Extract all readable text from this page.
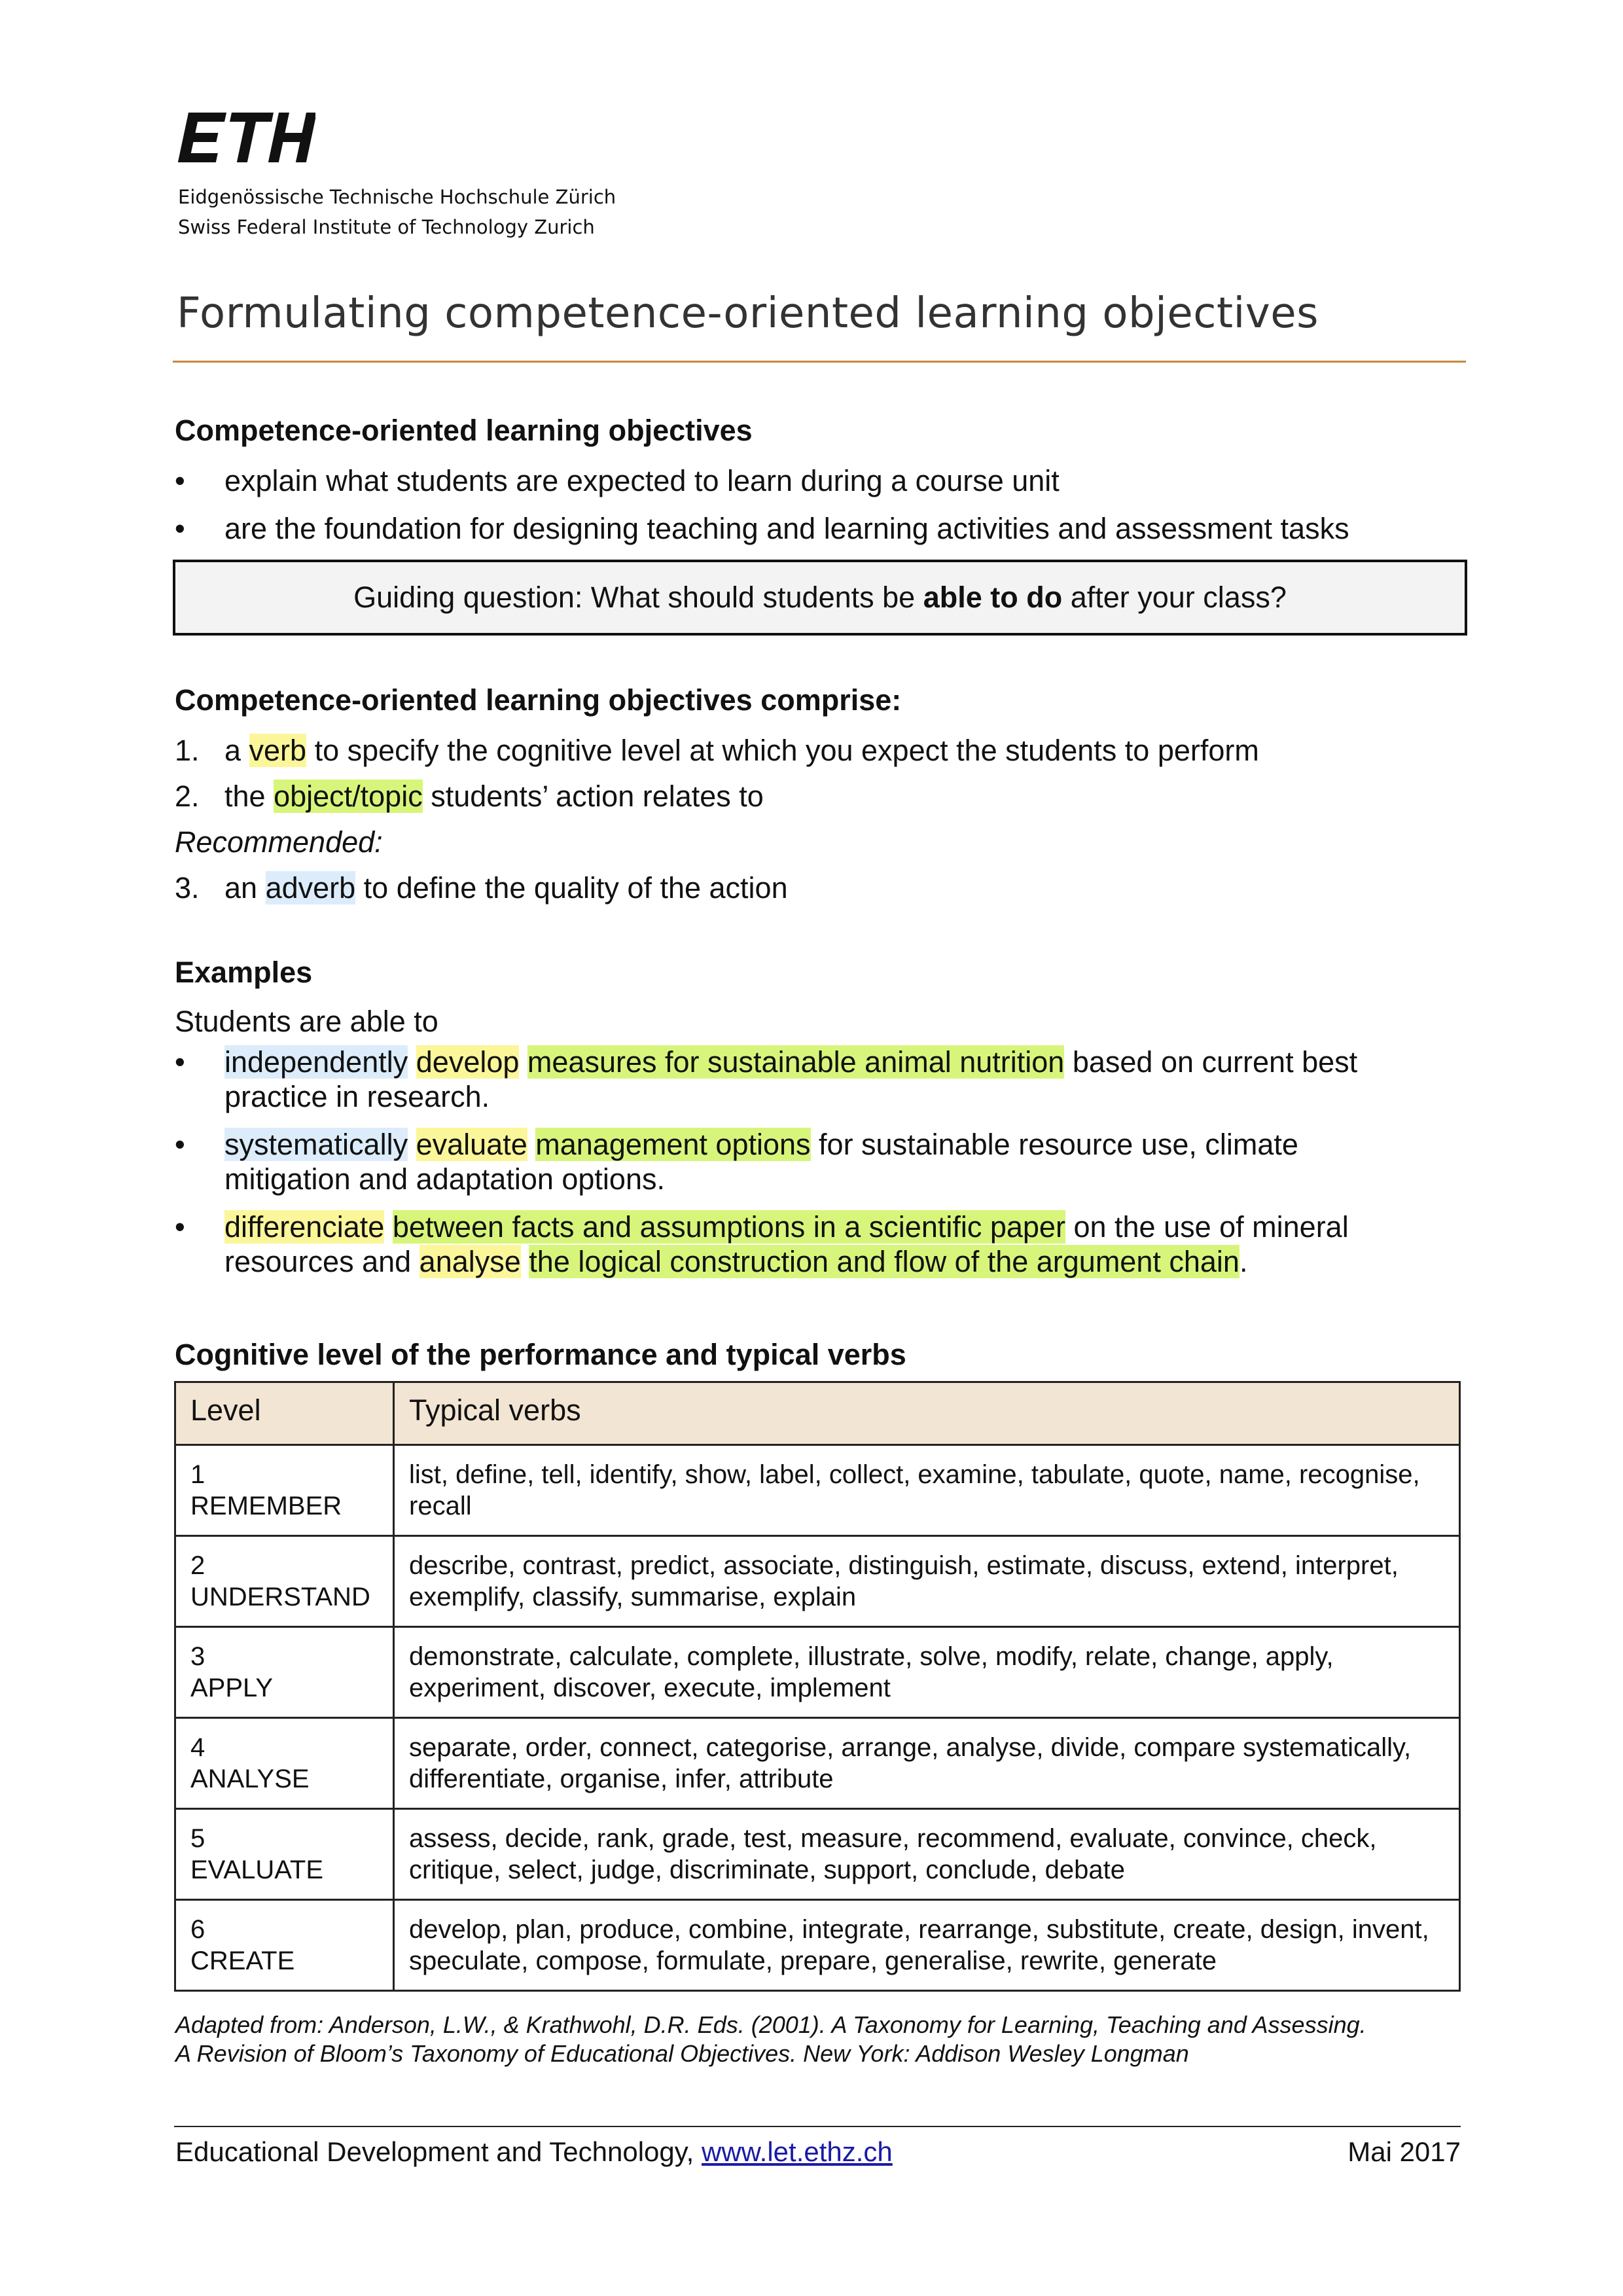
Eidgenössische Technische Hochschule Zürich
Swiss Federal Institute of Technology Zurich
Formulating competence-oriented learning objectives
Competence-oriented learning objectives
• explain what students are expected to learn during a course unit
• are the foundation for designing teaching and learning activities and assessment tasks
Guiding question: What should students be able to do after your class?
Competence-oriented learning objectives comprise:
1. a verb to specify the cognitive level at which you expect the students to perform
2. the object/topic students’ action relates to
Recommended:
3. an adverb to define the quality of the action
Examples
Students are able to
• independently develop measures for sustainable animal nutrition based on current best practice in research.
• systematically evaluate management options for sustainable resource use, climate mitigation and adaptation options.
• differenciate between facts and assumptions in a scientific paper on the use of mineral resources and analyse the logical construction and flow of the argument chain.
Cognitive level of the performance and typical verbs
Level	Typical verbs

1
REMEMBER	list, define, tell, identify, show, label, collect, examine, tabulate, quote, name, recognise, recall

2
UNDERSTAND	describe, contrast, predict, associate, distinguish, estimate, discuss, extend, interpret, exemplify, classify, summarise, explain

3
APPLY	demonstrate, calculate, complete, illustrate, solve, modify, relate, change, apply, experiment, discover, execute, implement

4
ANALYSE	separate, order, connect, categorise, arrange, analyse, divide, compare systematically, differentiate, organise, infer, attribute

5
EVALUATE	assess, decide, rank, grade, test, measure, recommend, evaluate, convince, check, critique, select, judge, discriminate, support, conclude, debate

6
CREATE	develop, plan, produce, combine, integrate, rearrange, substitute, create, design, invent, speculate, compose, formulate, prepare, generalise, rewrite, generate
Adapted from: Anderson, L.W., & Krathwohl, D.R. Eds. (2001). A Taxonomy for Learning, Teaching and Assessing.
A Revision of Bloom’s Taxonomy of Educational Objectives. New York: Addison Wesley Longman
Educational Development and Technology, www.let.ethz.ch	Mai 2017
